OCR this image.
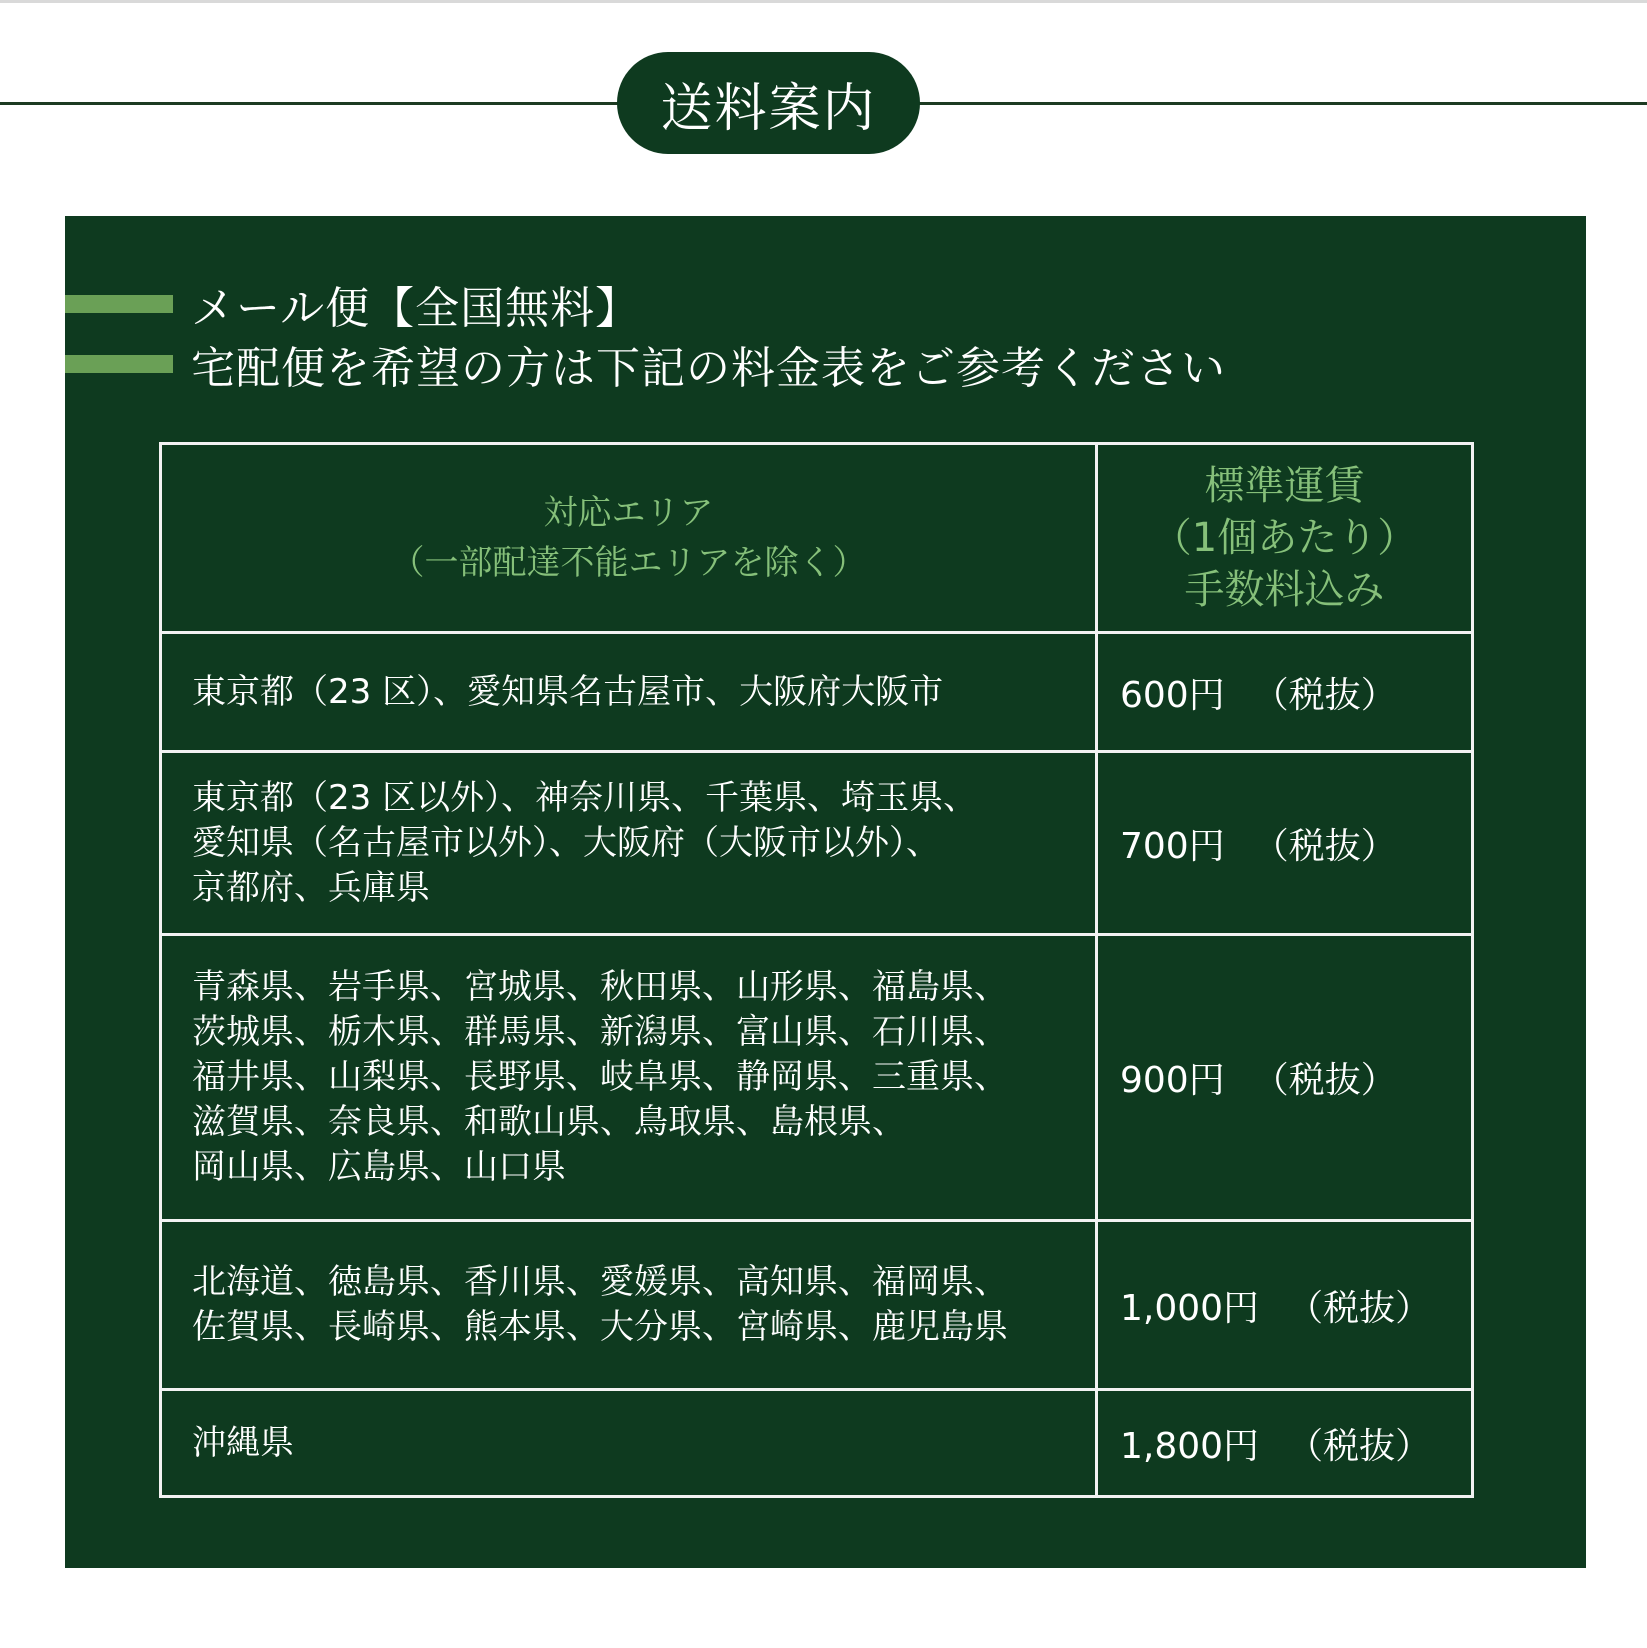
送料案内
メール便【全国無料】
宅配便を希望の方は下記の料金表をご参考ください
対応エリア
（一部配達不能エリアを除く）	標準運賃
（1個あたり）
手数料込み

東京都（23 区）、愛知県名古屋市、大阪府大阪市	600円 （税抜）

東京都（23 区以外）、神奈川県、千葉県、埼玉県、
愛知県（名古屋市以外）、大阪府（大阪市以外）、
京都府、兵庫県	700円 （税抜）

青森県、岩手県、宮城県、秋田県、山形県、福島県、
茨城県、栃木県、群馬県、新潟県、富山県、石川県、
福井県、山梨県、長野県、岐阜県、静岡県、三重県、
滋賀県、奈良県、和歌山県、鳥取県、島根県、
岡山県、広島県、山口県	900円 （税抜）

北海道、徳島県、香川県、愛媛県、高知県、福岡県、
佐賀県、長崎県、熊本県、大分県、宮崎県、鹿児島県	1,000円 （税抜）

沖縄県	1,800円 （税抜）
